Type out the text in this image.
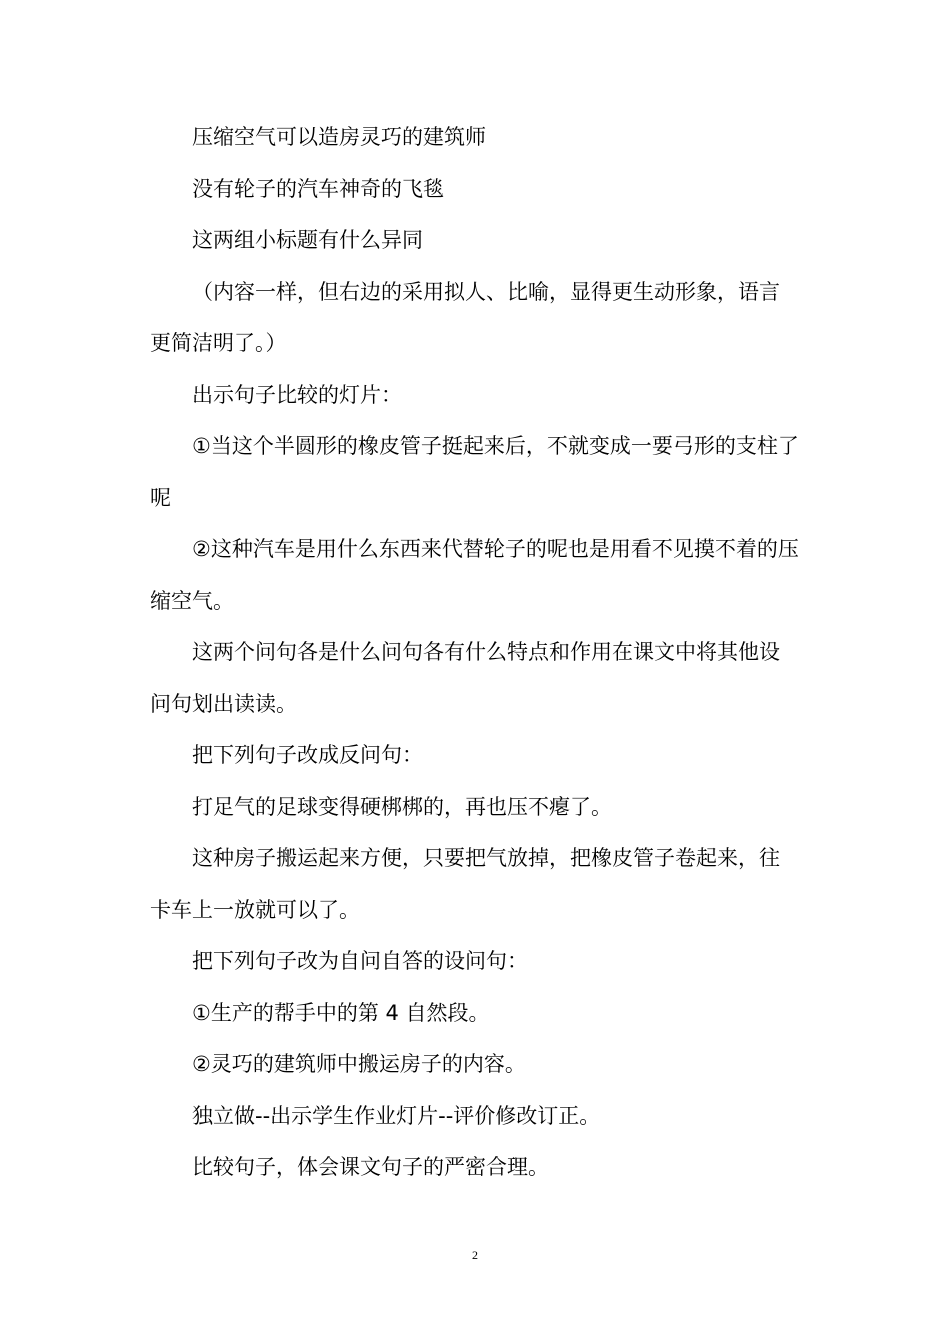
压缩空气可以造房灵巧的建筑师

没有轮子的汽车神奇的飞毯

这两组小标题有什么异同

（内容一样，但右边的采用拟人、比喻，显得更生动形象，语言更简洁明了。）

出示句子比较的灯片：

①当这个半圆形的橡皮管子挺起来后，不就变成一要弓形的支柱了呢

②这种汽车是用什么东西来代替轮子的呢也是用看不见摸不着的压缩空气。

这两个问句各是什么问句各有什么特点和作用在课文中将其他设问句划出读读。

把下列句子改成反问句：

打足气的足球变得硬梆梆的，再也压不瘪了。

这种房子搬运起来方便，只要把气放掉，把橡皮管子卷起来，往卡车上一放就可以了。

把下列句子改为自问自答的设问句：

①生产的帮手中的第 4 自然段。

②灵巧的建筑师中搬运房子的内容。

独立做--出示学生作业灯片--评价修改订正。

比较句子，体会课文句子的严密合理。

2
